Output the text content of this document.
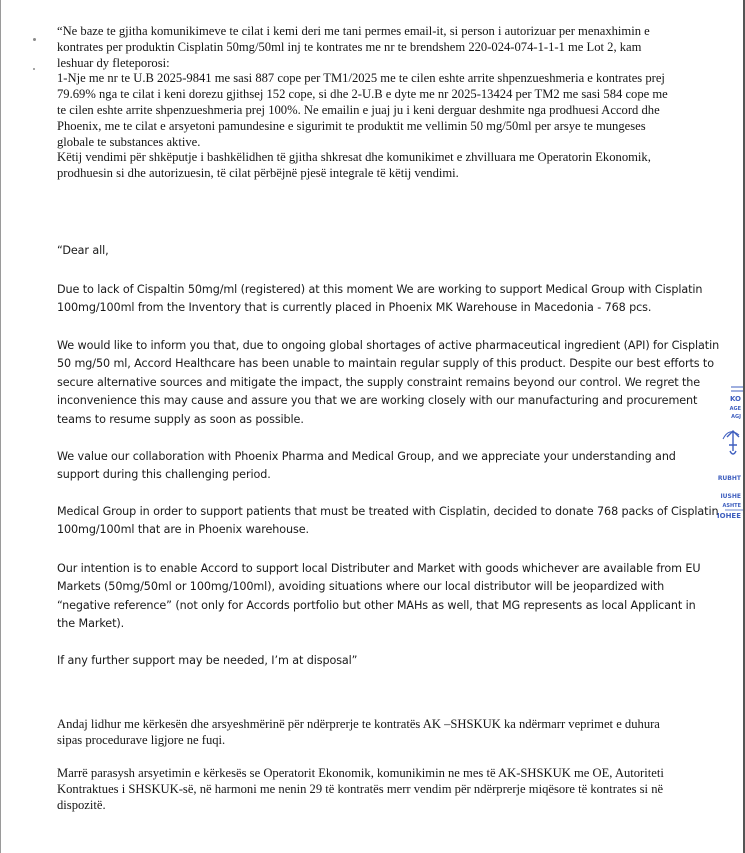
“Ne baze te gjitha komunikimeve te cilat i kemi deri me tani permes email-it, si person i autorizuar per menaxhimin e
kontrates per produktin Cisplatin 50mg/50ml inj te kontrates me nr te brendshem 220-024-074-1-1-1 me Lot 2, kam
leshuar dy fleteporosi:
1-Nje me nr te U.B 2025-9841 me sasi 887 cope per TM1/2025 me te cilen eshte arrite shpenzueshmeria e kontrates prej
79.69% nga te cilat i keni dorezu gjithsej 152 cope, si dhe 2-U.B e dyte me nr 2025-13424 per TM2 me sasi 584 cope me
te cilen eshte arrite shpenzueshmeria prej 100%. Ne emailin e juaj ju i keni derguar deshmite nga prodhuesi Accord dhe
Phoenix, me te cilat e arsyetoni pamundesine e sigurimit te produktit me vellimin 50 mg/50ml per arsye te mungeses
globale te substances aktive.
Këtij vendimi për shkëputje i bashkëlidhen të gjitha shkresat dhe komunikimet e zhvilluara me Operatorin Ekonomik,
prodhuesin si dhe autorizuesin, të cilat përbëjnë pjesë integrale të këtij vendimi.
“Dear all,
Due to lack of Cispaltin 50mg/ml (registered) at this moment We are working to support Medical Group with Cisplatin
100mg/100ml from the Inventory that is currently placed in Phoenix MK Warehouse in Macedonia - 768 pcs.
We would like to inform you that, due to ongoing global shortages of active pharmaceutical ingredient (API) for Cisplatin
50 mg/50 ml, Accord Healthcare has been unable to maintain regular supply of this product. Despite our best efforts to
secure alternative sources and mitigate the impact, the supply constraint remains beyond our control. We regret the
inconvenience this may cause and assure you that we are working closely with our manufacturing and procurement
teams to resume supply as soon as possible.
We value our collaboration with Phoenix Pharma and Medical Group, and we appreciate your understanding and
support during this challenging period.
Medical Group in order to support patients that must be treated with Cisplatin, decided to donate 768 packs of Cisplatin
100mg/100ml that are in Phoenix warehouse.
Our intention is to enable Accord to support local Distributer and Market with goods whichever are available from EU
Markets (50mg/50ml or 100mg/100ml), avoiding situations where our local distributor will be jeopardized with
“negative reference” (not only for Accords portfolio but other MAHs as well, that MG represents as local Applicant in
the Market).
If any further support may be needed, I’m at disposal”
Andaj lidhur me kërkesën dhe arsyeshmërinë për ndërprerje te kontratës AK –SHSKUK ka ndërmarr veprimet e duhura
sipas procedurave ligjore ne fuqi.
Marrë parasysh arsyetimin e kërkesës se Operatorit Ekonomik, komunikimin ne mes të AK-SHSKUK me OE, Autoriteti
Kontraktues i SHSKUK-së, në harmoni me nenin 29 të kontratës merr vendim për ndërprerje miqësore të kontrates si në
dispozitë.
KO
AGE
AGJ
RUBHT
IUSHE
ASHTE
IOHEE
